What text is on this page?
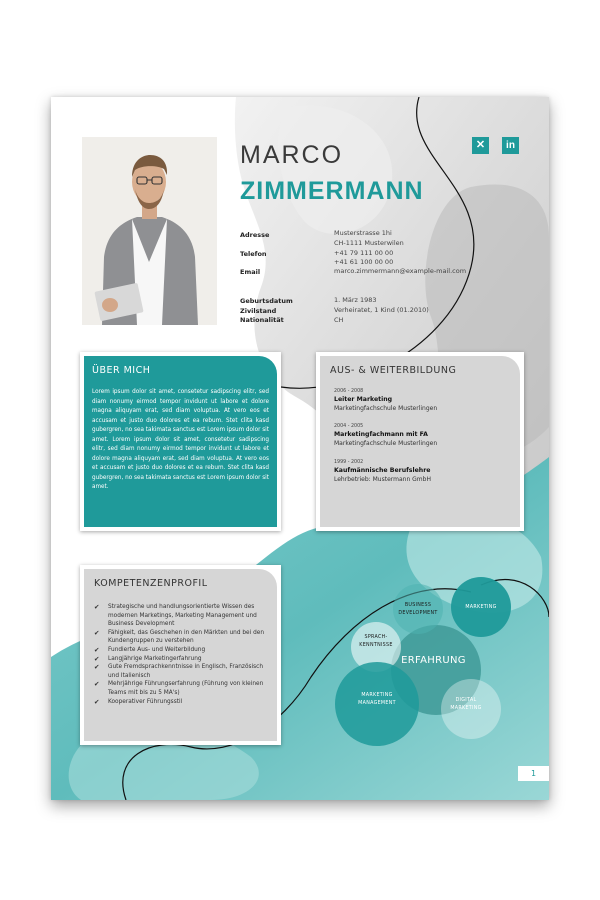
MARCO
ZIMMERMANN
✕	in
Adresse	Musterstrasse 1hi
CH-1111 Musterwilen
Telefon	+41 79 111 00 00
+41 61 100 00 00
Email	marco.zimmermann@example-mail.com
Geburtsdatum	1. März 1983
Zivilstand	Verheiratet, 1 Kind (01.2010)
Nationalität	CH
ÜBER MICH
Lorem ipsum dolor sit amet, consetetur sadipscing elitr, sed diam nonumy eirmod tempor invidunt ut labore et dolore magna aliquyam erat, sed diam voluptua. At vero eos et accusam et justo duo dolores et ea rebum. Stet clita kasd gubergren, no sea takimata sanctus est Lorem ipsum dolor sit amet. Lorem ipsum dolor sit amet, consetetur sadipscing elitr, sed diam nonumy eirmod tempor invidunt ut labore et dolore magna aliquyam erat, sed diam voluptua. At vero eos et accusam et justo duo dolores et ea rebum. Stet clita kasd gubergren, no sea takimata sanctus est Lorem ipsum dolor sit amet.
AUS- & WEITERBILDUNG
2006 - 2008
Leiter Marketing
Marketingfachschule Musterlingen
2004 - 2005
Marketingfachmann mit FA
Marketingfachschule Musterlingen
1999 - 2002
Kaufmännische Berufslehre
Lehrbetrieb: Mustermann GmbH
KOMPETENZENPROFIL
✔ Strategische und handlungsorientierte Wissen des modernen Marketings, Marketing Management und Business Development
✔ Fähigkeit, das Geschehen in den Märkten und bei den Kundengruppen zu verstehen
✔ Fundierte Aus- und Weiterbildung
✔ Langjährige Marketingerfahrung
✔ Gute Fremdsprachkenntnisse in Englisch, Französisch und Italienisch
✔ Mehrjährige Führungserfahrung (Führung von kleinen Teams mit bis zu 5 MA's)
✔ Kooperativer Führungsstil
BUSINESS DEVELOPMENT
MARKETING
SPRACH-KENNTNISSE
ERFAHRUNG
MARKETING MANAGEMENT
DIGITAL MARKETING
1
